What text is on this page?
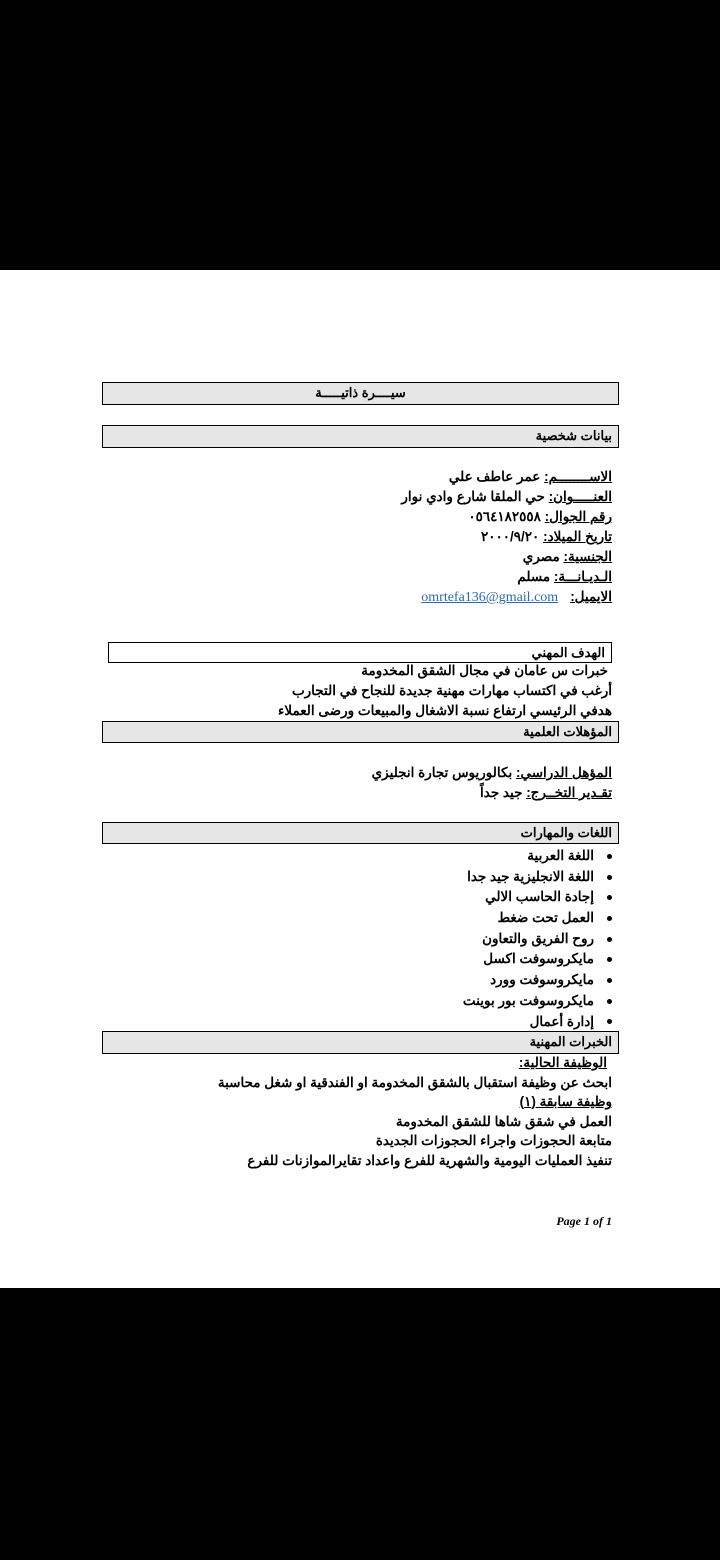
سيــــرة ذاتيـــــة
بيانات شخصية
الاســــــــم: عمر عاطف علي
العنـــــوان: حي الملقا شارع وادي نوار
رقم الجوال: ٠٥٦٤١٨٢٥٥٨
تاريخ الميلاد: ٢٠٠٠/٩/٢٠
الجنسية: مصري
الـديـانـــة: مسلم
الايميل:omrtefa136@gmail.com
الهدف المهني
خبرات س عامان في مجال الشقق المخدومة
أرغب في اكتساب مهارات مهنية جديدة للنجاح في التجارب
هدفي الرئيسي ارتفاع نسبة الاشغال والمبيعات ورضى العملاء
المؤهلات العلمية
المؤهل الدراسي: بكالوريوس تجارة انجليزي
تقـدير التخــرج: جيد جداً
اللغات والمهارات
اللغة العربية
اللغة الانجليزية جيد جدا
إجادة الحاسب الالي
العمل تحت ضغط
روح الفريق والتعاون
مايكروسوفت اكسل
مايكروسوفت وورد
مايكروسوفت بور بوينت
إدارة أعمال
الخبرات المهنية
الوظيفة الحالية:
ابحث عن وظيفة استقبال بالشقق المخدومة او الفندقية او شغل محاسبة
وظيفة سابقة (١)
العمل في شقق شاها للشقق المخدومة
متابعة الحجوزات واجراء الحجوزات الجديدة
تنفيذ العمليات اليومية والشهرية للفرع واعداد تقايرالموازنات للفرع
Page 1 of 1
